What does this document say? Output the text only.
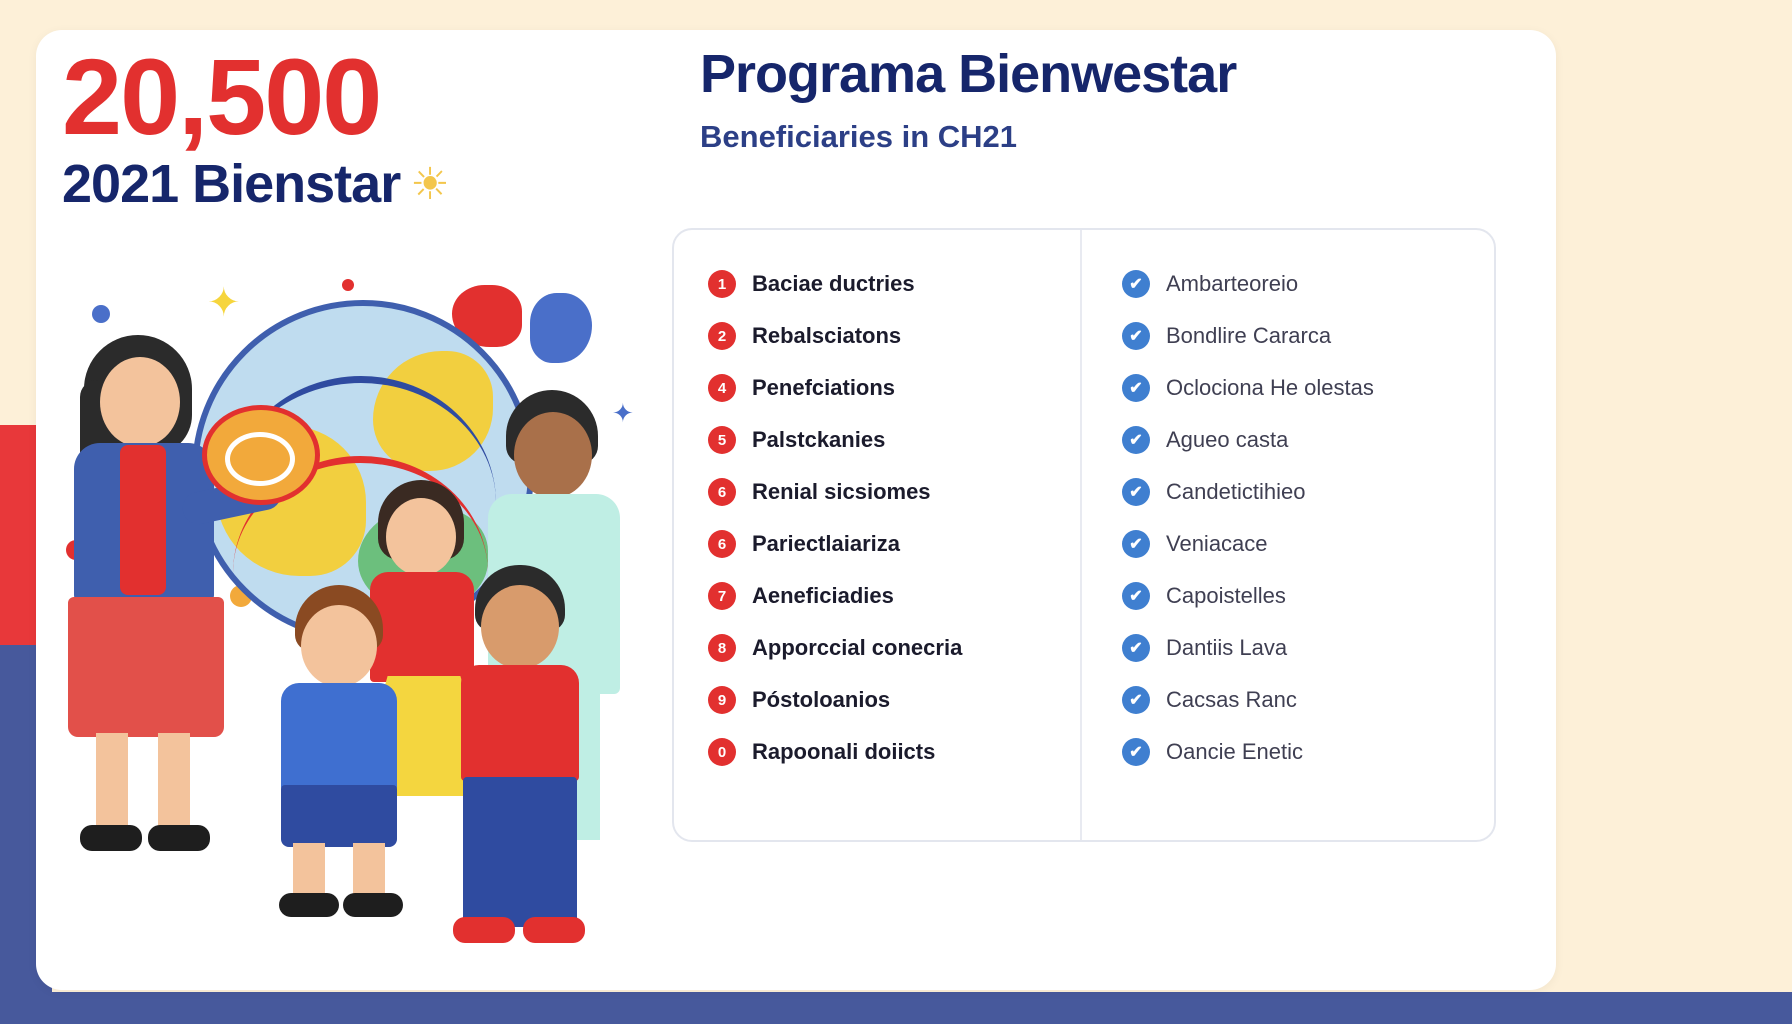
20,500
2021 Bienstar ☀
✦
✦
Programa Bienwestar
Beneficiaries in CH21
1	Baciae ductries
2	Rebalsciatons
4	Penefciations
5	Palstckanies
6	Renial sicsiomes
6	Pariectlaiariza
7	Aeneficiadies
8	Apporccial conecria
9	Póstoloanios
0	Rapoonali doiicts
✔	Ambarteoreio
✔	Bondlire Cararca
✔	Oclociona He olestas
✔	Agueo casta
✔	Candetictihieo
✔	Veniacace
✔	Capoistelles
✔	Dantiis Lava
✔	Cacsas Ranc
✔	Oancie Enetic
